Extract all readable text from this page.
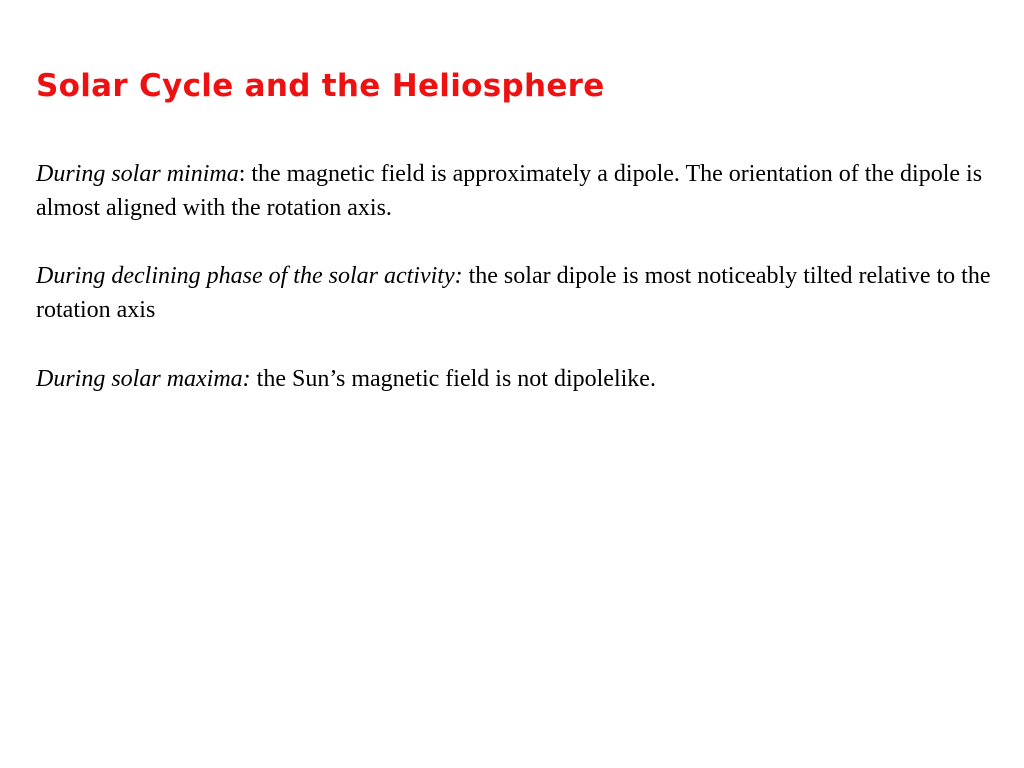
Solar Cycle and the Heliosphere

During solar minima: the magnetic field is approximately a dipole. The orientation of the dipole is almost aligned with the rotation axis.

During declining phase of the solar activity: the solar dipole is most noticeably tilted relative to the rotation axis

During solar maxima: the Sun’s magnetic field is not dipolelike.
